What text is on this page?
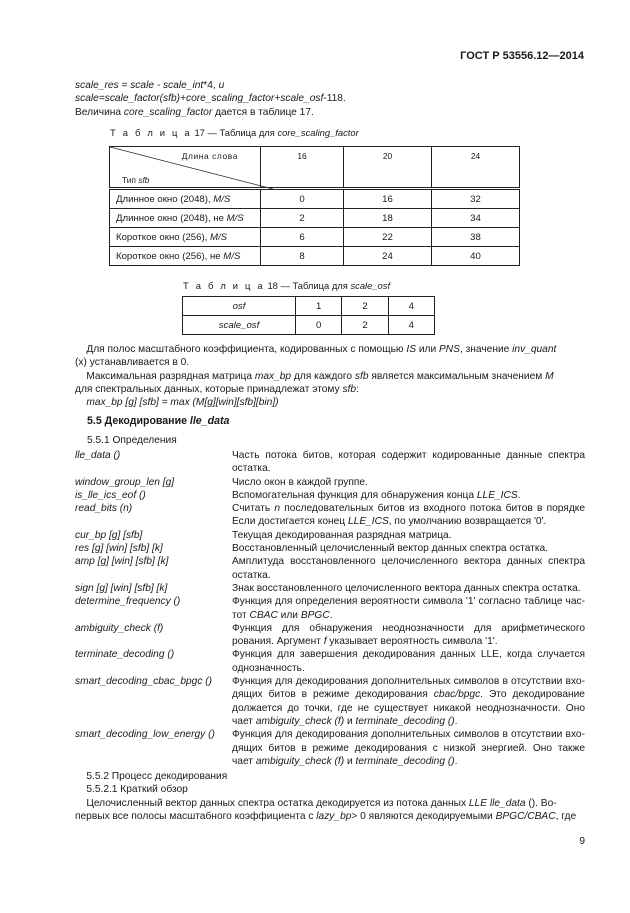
ГОСТ Р 53556.12—2014
scale_res = scale - scale_int*4, и
scale=scale_factor(sfb)+core_scaling_factor+scale_osf-118.
Величина core_scaling_factor дается в таблице 17.
Т а б л и ц а 17 — Таблица для core_scaling_factor
Длина слова
Тип sfb	16	20	24
Длинное окно (2048), M/S	0	16	32
Длинное окно (2048), не M/S	2	18	34
Короткое окно (256), M/S	6	22	38
Короткое окно (256), не M/S	8	24	40
Т а б л и ц а 18 — Таблица для scale_osf
osf	1	2	4
scale_osf	0	2	4
Для полос масштабного коэффициента, кодированных с помощью IS или PNS, значение inv_quant
(x) устанавливается в 0.
Максимальная разрядная матрица max_bp для каждого sfb является максимальным значением M
для спектральных данных, которые принадлежат этому sfb:
max_bp [g] [sfb] = max (M[g][win][sfb][bin])
5.5 Декодирование lle_data
5.5.1 Определения
lle_data ()	Часть потока битов, которая содержит кодированные данные спектра
остатка.
window_group_len [g]	Число окон в каждой группе.
is_lle_ics_eof ()	Вспомогательная функция для обнаружения конца LLE_ICS.
read_bits (n)	Считать n последовательных битов из входного потока битов в порядке
Если достигается конец LLE_ICS, по умолчанию возвращается '0'.
cur_bp [g] [sfb]	Текущая декодированная разрядная матрица.
res [g] [win] [sfb] [k]	Восстановленный целочисленный вектор данных спектра остатка.
amp [g] [win] [sfb] [k]	Амплитуда восстановленного целочисленного вектора данных спектра
остатка.
sign [g] [win] [sfb] [k]	Знак восстановленного целочисленного вектора данных спектра остатка.
determine_frequency ()	Функция для определения вероятности символа '1' согласно таблице час-
тот CBAC или BPGC.
ambiguity_check (f)	Функция для обнаружения неоднозначности для арифметического
рования. Аргумент f указывает вероятность символа '1'.
terminate_decoding ()	Функция для завершения декодирования данных LLE, когда случается
однозначность.
smart_decoding_cbac_bpgc ()	Функция для декодирования дополнительных символов в отсутствии вхо-
дящих битов в режиме декодирования cbac/bpgc. Это декодирование
должается до точки, где не существует никакой неоднозначности. Оно
чает ambiguity_check (f) и terminate_decoding ().
smart_decoding_low_energy ()	Функция для декодирования дополнительных символов в отсутствии вхо-
дящих битов в режиме декодирования с низкой энергией. Оно также
чает ambiguity_check (f) и terminate_decoding ().
5.5.2 Процесс декодирования
5.5.2.1 Краткий обзор
Целочисленный вектор данных спектра остатка декодируется из потока данных LLE lle_data (). Во-
первых все полосы масштабного коэффициента с lazy_bp> 0 являются декодируемыми BPGC/CBAC, где
9
